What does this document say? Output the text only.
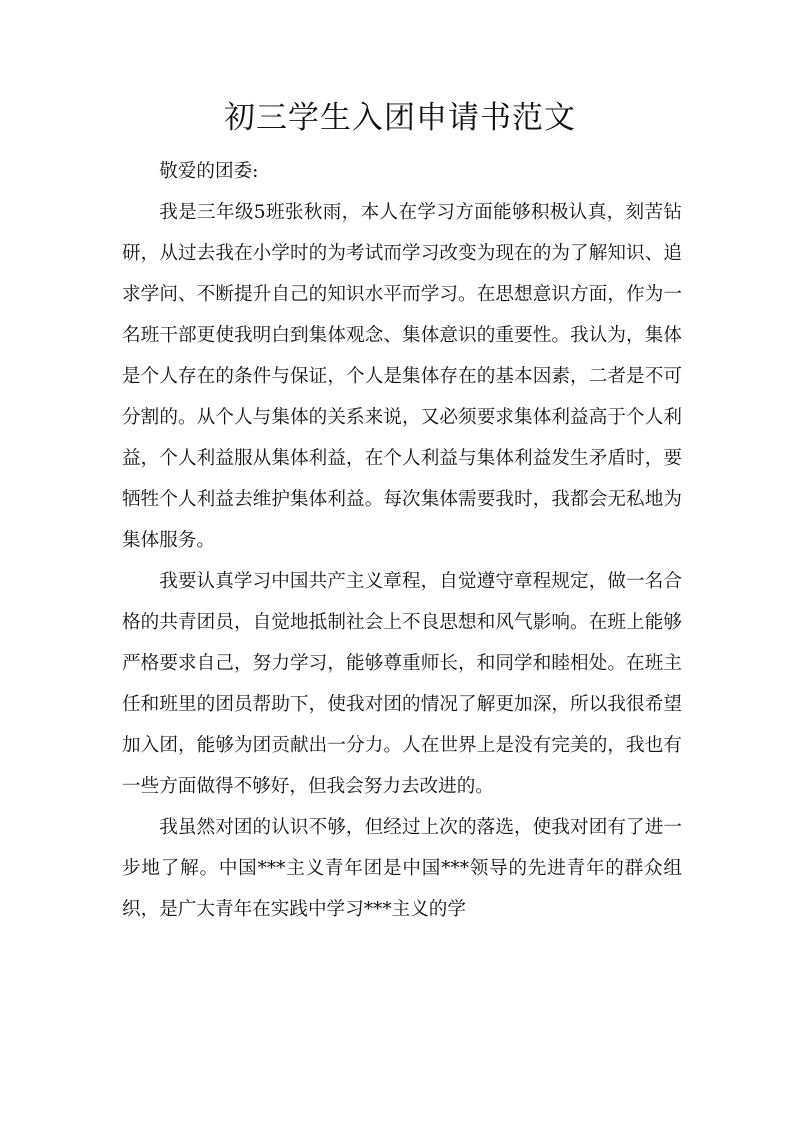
初三学生入团申请书范文

敬爱的团委:

我是三年级5班张秋雨，本人在学习方面能够积极认真，刻苦钻研，从过去我在小学时的为考试而学习改变为现在的为了解知识、追求学问、不断提升自己的知识水平而学习。在思想意识方面，作为一名班干部更使我明白到集体观念、集体意识的重要性。我认为，集体是个人存在的条件与保证，个人是集体存在的基本因素，二者是不可分割的。从个人与集体的关系来说，又必须要求集体利益高于个人利益，个人利益服从集体利益，在个人利益与集体利益发生矛盾时，要牺牲个人利益去维护集体利益。每次集体需要我时，我都会无私地为集体服务。

我要认真学习中国共产主义章程，自觉遵守章程规定，做一名合格的共青团员，自觉地抵制社会上不良思想和风气影响。在班上能够严格要求自己，努力学习，能够尊重师长，和同学和睦相处。在班主任和班里的团员帮助下，使我对团的情况了解更加深，所以我很希望加入团，能够为团贡献出一分力。人在世界上是没有完美的，我也有一些方面做得不够好，但我会努力去改进的。

我虽然对团的认识不够，但经过上次的落选，使我对团有了进一步地了解。中国***主义青年团是中国***领导的先进青年的群众组织，是广大青年在实践中学习***主义的学
